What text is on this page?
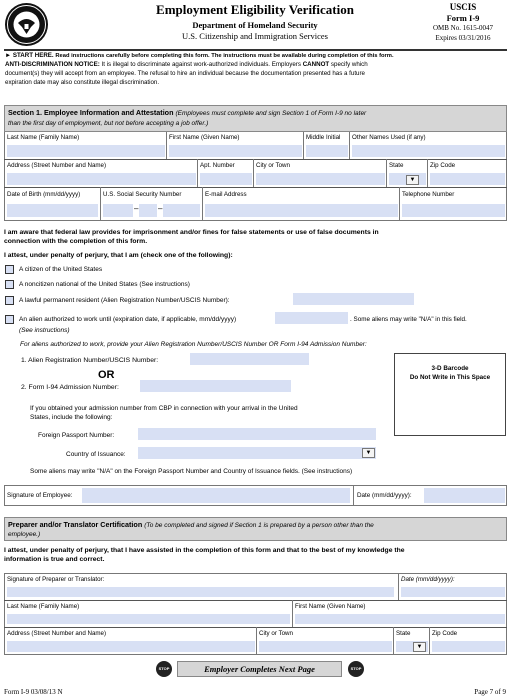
Employment Eligibility Verification
Department of Homeland Security
U.S. Citizenship and Immigration Services
USCIS
Form I-9
OMB No. 1615-0047
Expires 03/31/2016
► START HERE. Read instructions carefully before completing this form. The instructions must be available during completion of this form.
ANTI-DISCRIMINATION NOTICE: It is illegal to discriminate against work-authorized individuals. Employers CANNOT specify which
document(s) they will accept from an employee. The refusal to hire an individual because the documentation presented has a future
expiration date may also constitute illegal discrimination.
Section 1. Employee Information and Attestation (Employees must complete and sign Section 1 of Form I-9 no later
than the first day of employment, but not before accepting a job offer.)
Last Name (Family Name)	First Name (Given Name)	Middle Initial Other Names Used (if any)
Address (Street Number and Name)	Apt. Number	City or Town	State	Zip Code
▼
Date of Birth (mm/dd/yyyy)	U.S. Social Security Number	E-mail Address	Telephone Number
– –
I am aware that federal law provides for imprisonment and/or fines for false statements or use of false documents in
connection with the completion of this form.
I attest, under penalty of perjury, that I am (check one of the following):
A citizen of the United States
A noncitizen national of the United States (See instructions)
A lawful permanent resident (Alien Registration Number/USCIS Number):
An alien authorized to work until (expiration date, if applicable, mm/dd/yyyy)	. Some aliens may write "N/A" in this field.
(See instructions)
For aliens authorized to work, provide your Alien Registration Number/USCIS Number OR Form I-94 Admission Number:
1. Alien Registration Number/USCIS Number:
OR
2. Form I-94 Admission Number:
3-D Barcode
Do Not Write in This Space
If you obtained your admission number from CBP in connection with your arrival in the United
States, include the following:
Foreign Passport Number:
Country of Issuance:	▼
Some aliens may write "N/A" on the Foreign Passport Number and Country of Issuance fields. (See instructions)
Signature of Employee:	Date (mm/dd/yyyy):
Preparer and/or Translator Certification (To be completed and signed if Section 1 is prepared by a person other than the
employee.)
I attest, under penalty of perjury, that I have assisted in the completion of this form and that to the best of my knowledge the
information is true and correct.
Signature of Preparer or Translator:	Date (mm/dd/yyyy):
Last Name (Family Name)	First Name (Given Name)
Address (Street Number and Name)	City or Town	State	Zip Code
▼
STOP	Employer Completes Next Page	STOP
Form I-9 03/08/13 N	Page 7 of 9
